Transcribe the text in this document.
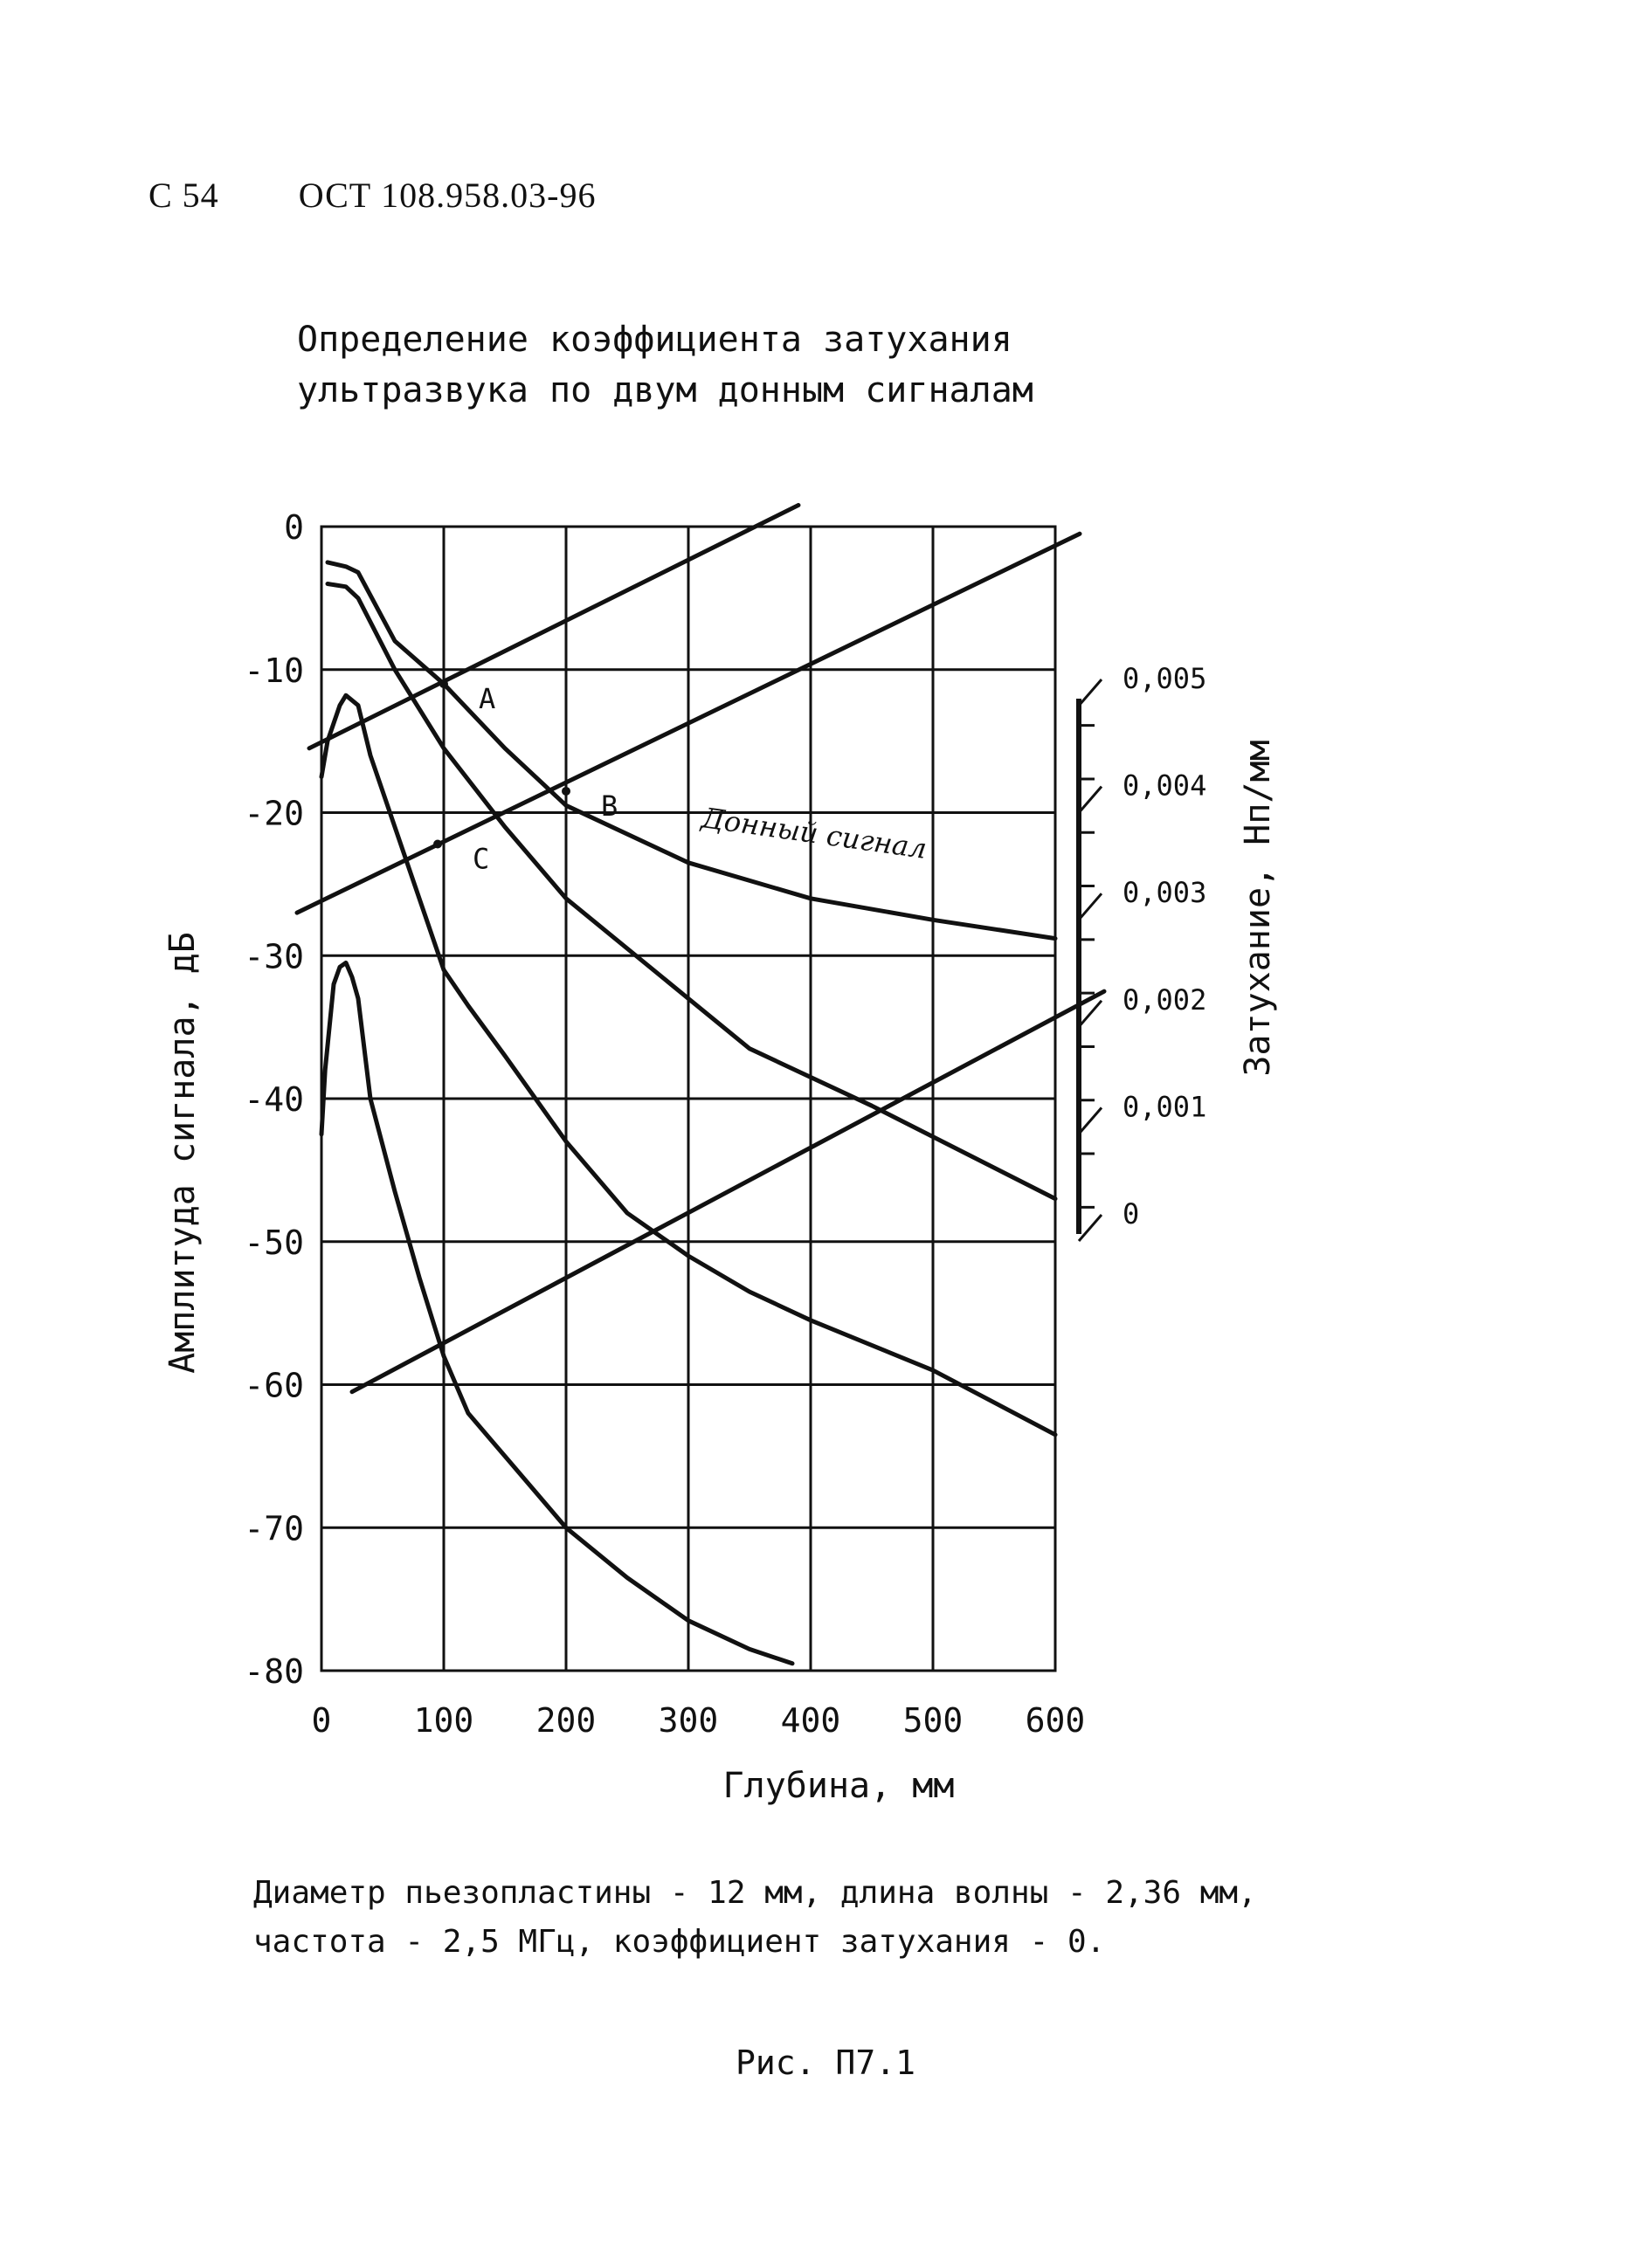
С 54 ОСТ 108.958.03-96
Определение коэффициента затухания
ультразвука по двум донным сигналам
0 100 200 300 400 500 600
0
-10
-20
-30
-40
-50
-60
-70
-80
0
0,001
0,002
0,003
0,004
0,005
A
B
C	Донный сигнал
Глубина, мм
Амплитуда сигнала, дБ
Затухание, Нп/мм
Диаметр пьезопластины - 12 мм, длина волны - 2,36 мм,
частота - 2,5 МГц, коэффициент затухания - 0.
Рис. П7.1
